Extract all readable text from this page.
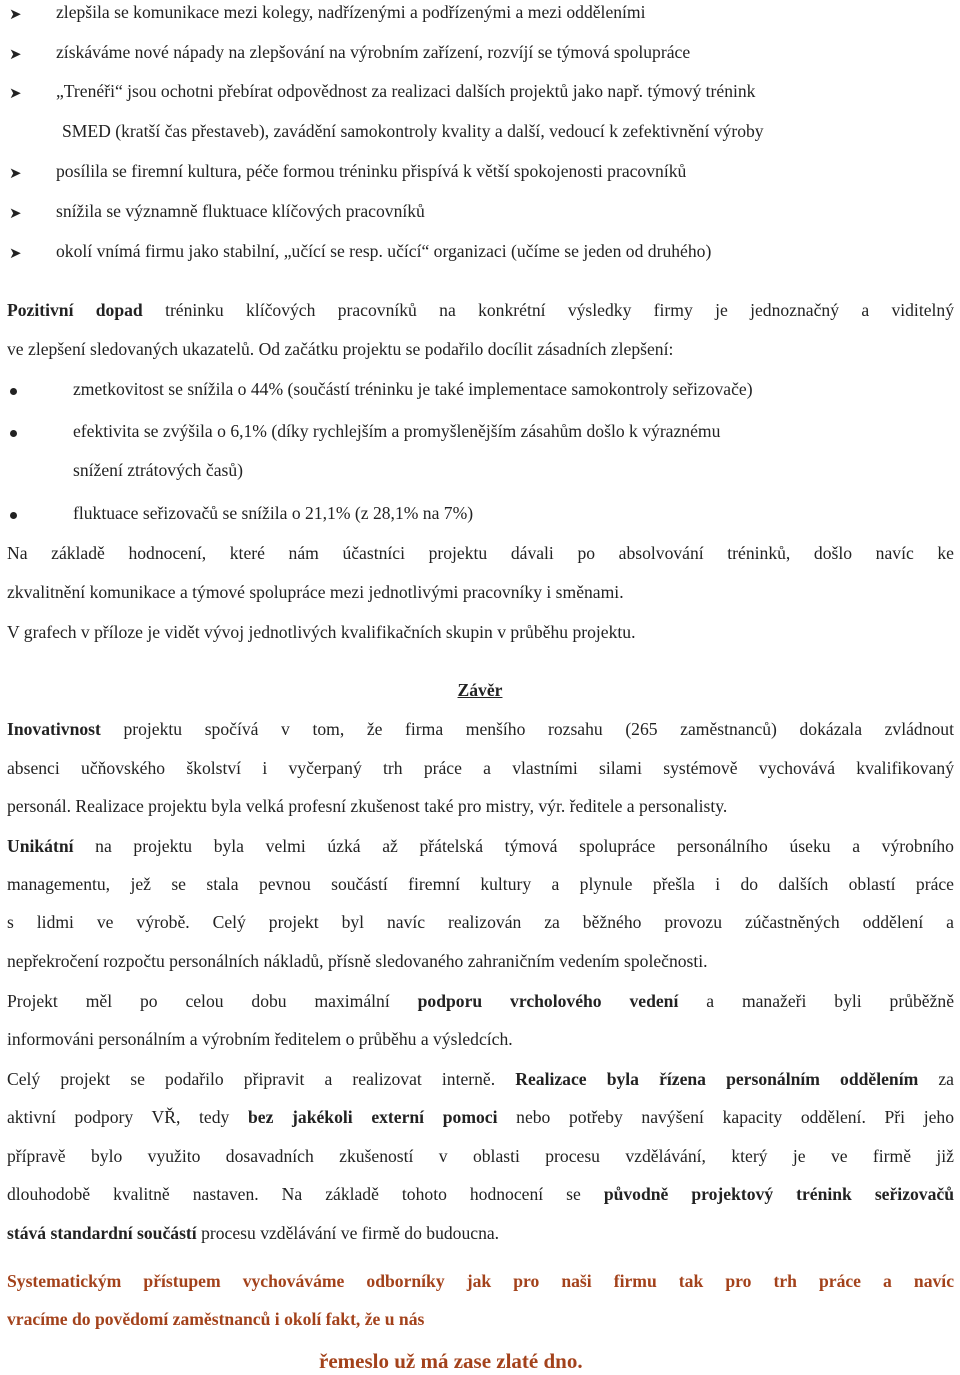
➤ zlepšila se komunikace mezi kolegy, nadřízenými a podřízenými a mezi odděleními
➤ získáváme nové nápady na zlepšování na výrobním zařízení, rozvíjí se týmová spolupráce
➤ „Trenéři“ jsou ochotni přebírat odpovědnost za realizaci dalších projektů jako např. týmový trénink
SMED (kratší čas přestaveb), zavádění samokontroly kvality a další, vedoucí k zefektivnění výroby
➤ posílila se firemní kultura, péče formou tréninku přispívá k větší spokojenosti pracovníků
➤ snížila se významně fluktuace klíčových pracovníků
➤ okolí vnímá firmu jako stabilní, „učící se resp. učící“ organizaci (učíme se jeden od druhého)
Pozitivní dopad tréninku klíčových pracovníků na konkrétní výsledky firmy je jednoznačný a viditelný
ve zlepšení sledovaných ukazatelů. Od začátku projektu se podařilo docílit zásadních zlepšení:
zmetkovitost se snížila o 44% (součástí tréninku je také implementace samokontroly seřizovače)
efektivita se zvýšila o 6,1% (díky rychlejším a promyšlenějším zásahům došlo k výraznému
snížení ztrátových časů)
fluktuace seřizovačů se snížila o 21,1% (z 28,1% na 7%)
Na základě hodnocení, které nám účastníci projektu dávali po absolvování tréninků, došlo navíc ke
zkvalitnění komunikace a týmové spolupráce mezi jednotlivými pracovníky i směnami.
V grafech v příloze je vidět vývoj jednotlivých kvalifikačních skupin v průběhu projektu.
Závěr
Inovativnost projektu spočívá v tom, že firma menšího rozsahu (265 zaměstnanců) dokázala zvládnout
absenci učňovského školství i vyčerpaný trh práce a vlastními silami systémově vychovává kvalifikovaný
personál. Realizace projektu byla velká profesní zkušenost také pro mistry, výr. ředitele a personalisty.
Unikátní na projektu byla velmi úzká až přátelská týmová spolupráce personálního úseku a výrobního
managementu, jež se stala pevnou součástí firemní kultury a plynule přešla i do dalších oblastí práce
s lidmi ve výrobě. Celý projekt byl navíc realizován za běžného provozu zúčastněných oddělení a
nepřekročení rozpočtu personálních nákladů, přísně sledovaného zahraničním vedením společnosti.
Projekt měl po celou dobu maximální podporu vrcholového vedení a manažeři byli průběžně
informováni personálním a výrobním ředitelem o průběhu a výsledcích.
Celý projekt se podařilo připravit a realizovat interně. Realizace byla řízena personálním oddělením za
aktivní podpory VŘ, tedy bez jakékoli externí pomoci nebo potřeby navýšení kapacity oddělení. Při jeho
přípravě bylo využito dosavadních zkušeností v oblasti procesu vzdělávání, který je ve firmě již
dlouhodobě kvalitně nastaven. Na základě tohoto hodnocení se původně projektový trénink seřizovačů
stává standardní součástí procesu vzdělávání ve firmě do budoucna.
Systematickým přístupem vychováváme odborníky jak pro naši firmu tak pro trh práce a navíc
vracíme do povědomí zaměstnanců i okolí fakt, že u nás
řemeslo už má zase zlaté dno.
